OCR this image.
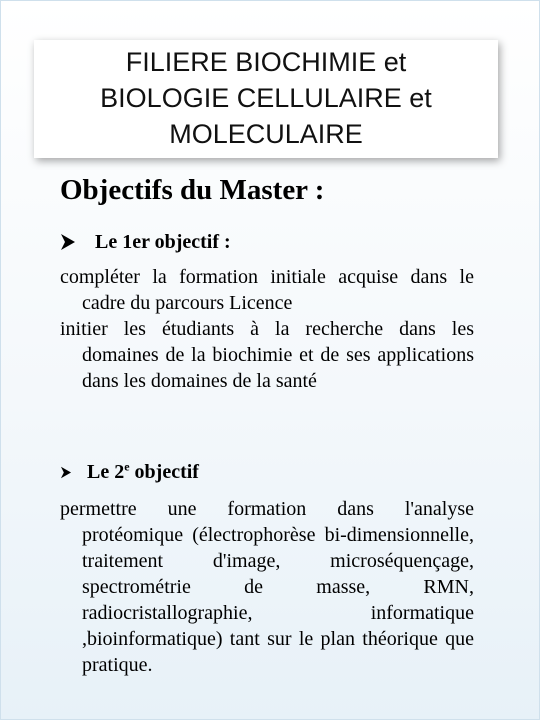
FILIERE BIOCHIMIE et
BIOLOGIE CELLULAIRE et
MOLECULAIRE
Objectifs du Master :
Le 1er objectif :
compléter la formation initiale acquise dans le cadre du parcours Licence
initier les étudiants à la recherche dans les domaines de la biochimie et de ses applications dans les domaines de la santé
Le 2e objectif
permettre une formation dans l'analyse protéomique (électrophorèse bi-dimensionnelle, traitement d'image, microséquençage, spectrométrie de masse, RMN, radiocristallographie, informatique ,bioinformatique) tant sur le plan théorique que pratique.
